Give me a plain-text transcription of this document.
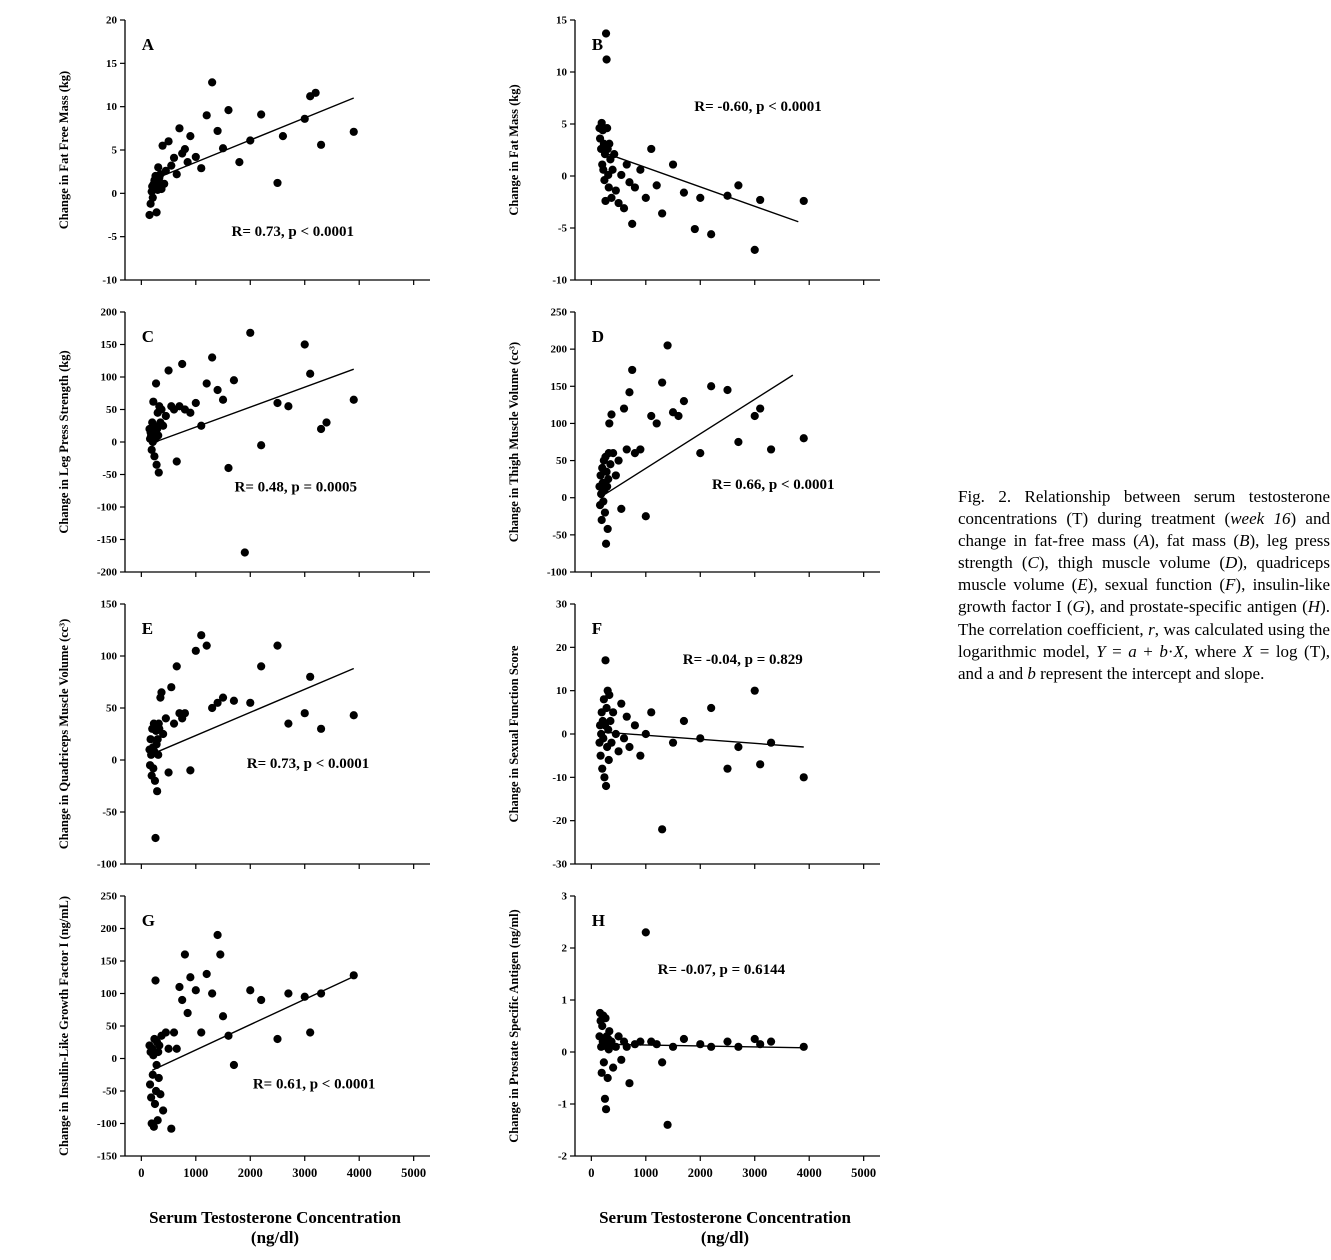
-10
-5
0
5
10
15
20
Change in Fat Free Mass (kg)
A
R= 0.73, p < 0.0001
-200
-150
-100
-50
0
50
100
150
200
Change in Leg Press Strength (kg)
C
R= 0.48, p = 0.0005
-100
-50
0
50
100
150
Change in Quadriceps Muscle Volume (cc³)	E
R= 0.73, p < 0.0001
-150
-100
-50
0
50
100
150
200
250
0	1000 2000 3000 4000 5000
Change in Insulin-Like Growth Factor I (ng/mL)	G
R= 0.61, p < 0.0001
Serum Testosterone Concentration (ng/dl)
-10
-5
0
5
10
15
Change in Fat Mass (kg)
B
R= -0.60, p < 0.0001
-100
-50
0
50
100
150
200
250
Change in Thigh Muscle Volume (cc³)
D
R= 0.66, p < 0.0001
-30
-20
-10
0
10
20
30
Change in Sexual Function Score
F
R= -0.04, p = 0.829
-2
-1
0
1
2
3
0	1000 2000 3000 4000 5000
Change in Prostate Specific Antigen (ng/ml)	H
R= -0.07, p = 0.6144
Serum Testosterone Concentration (ng/dl)
Fig. 2. Relationship between serum testosterone concentrations (T) during treatment (week 16) and change in fat-free mass (A), fat mass (B), leg press strength (C), thigh muscle volume (D), quadriceps muscle volume (E), sexual function (F), insulin-like growth factor I (G), and prostate-specific antigen (H). The correlation coefficient, r, was calculated using the logarithmic model, Y = a + b·X, where X = log (T), and a and b represent the intercept and slope.
